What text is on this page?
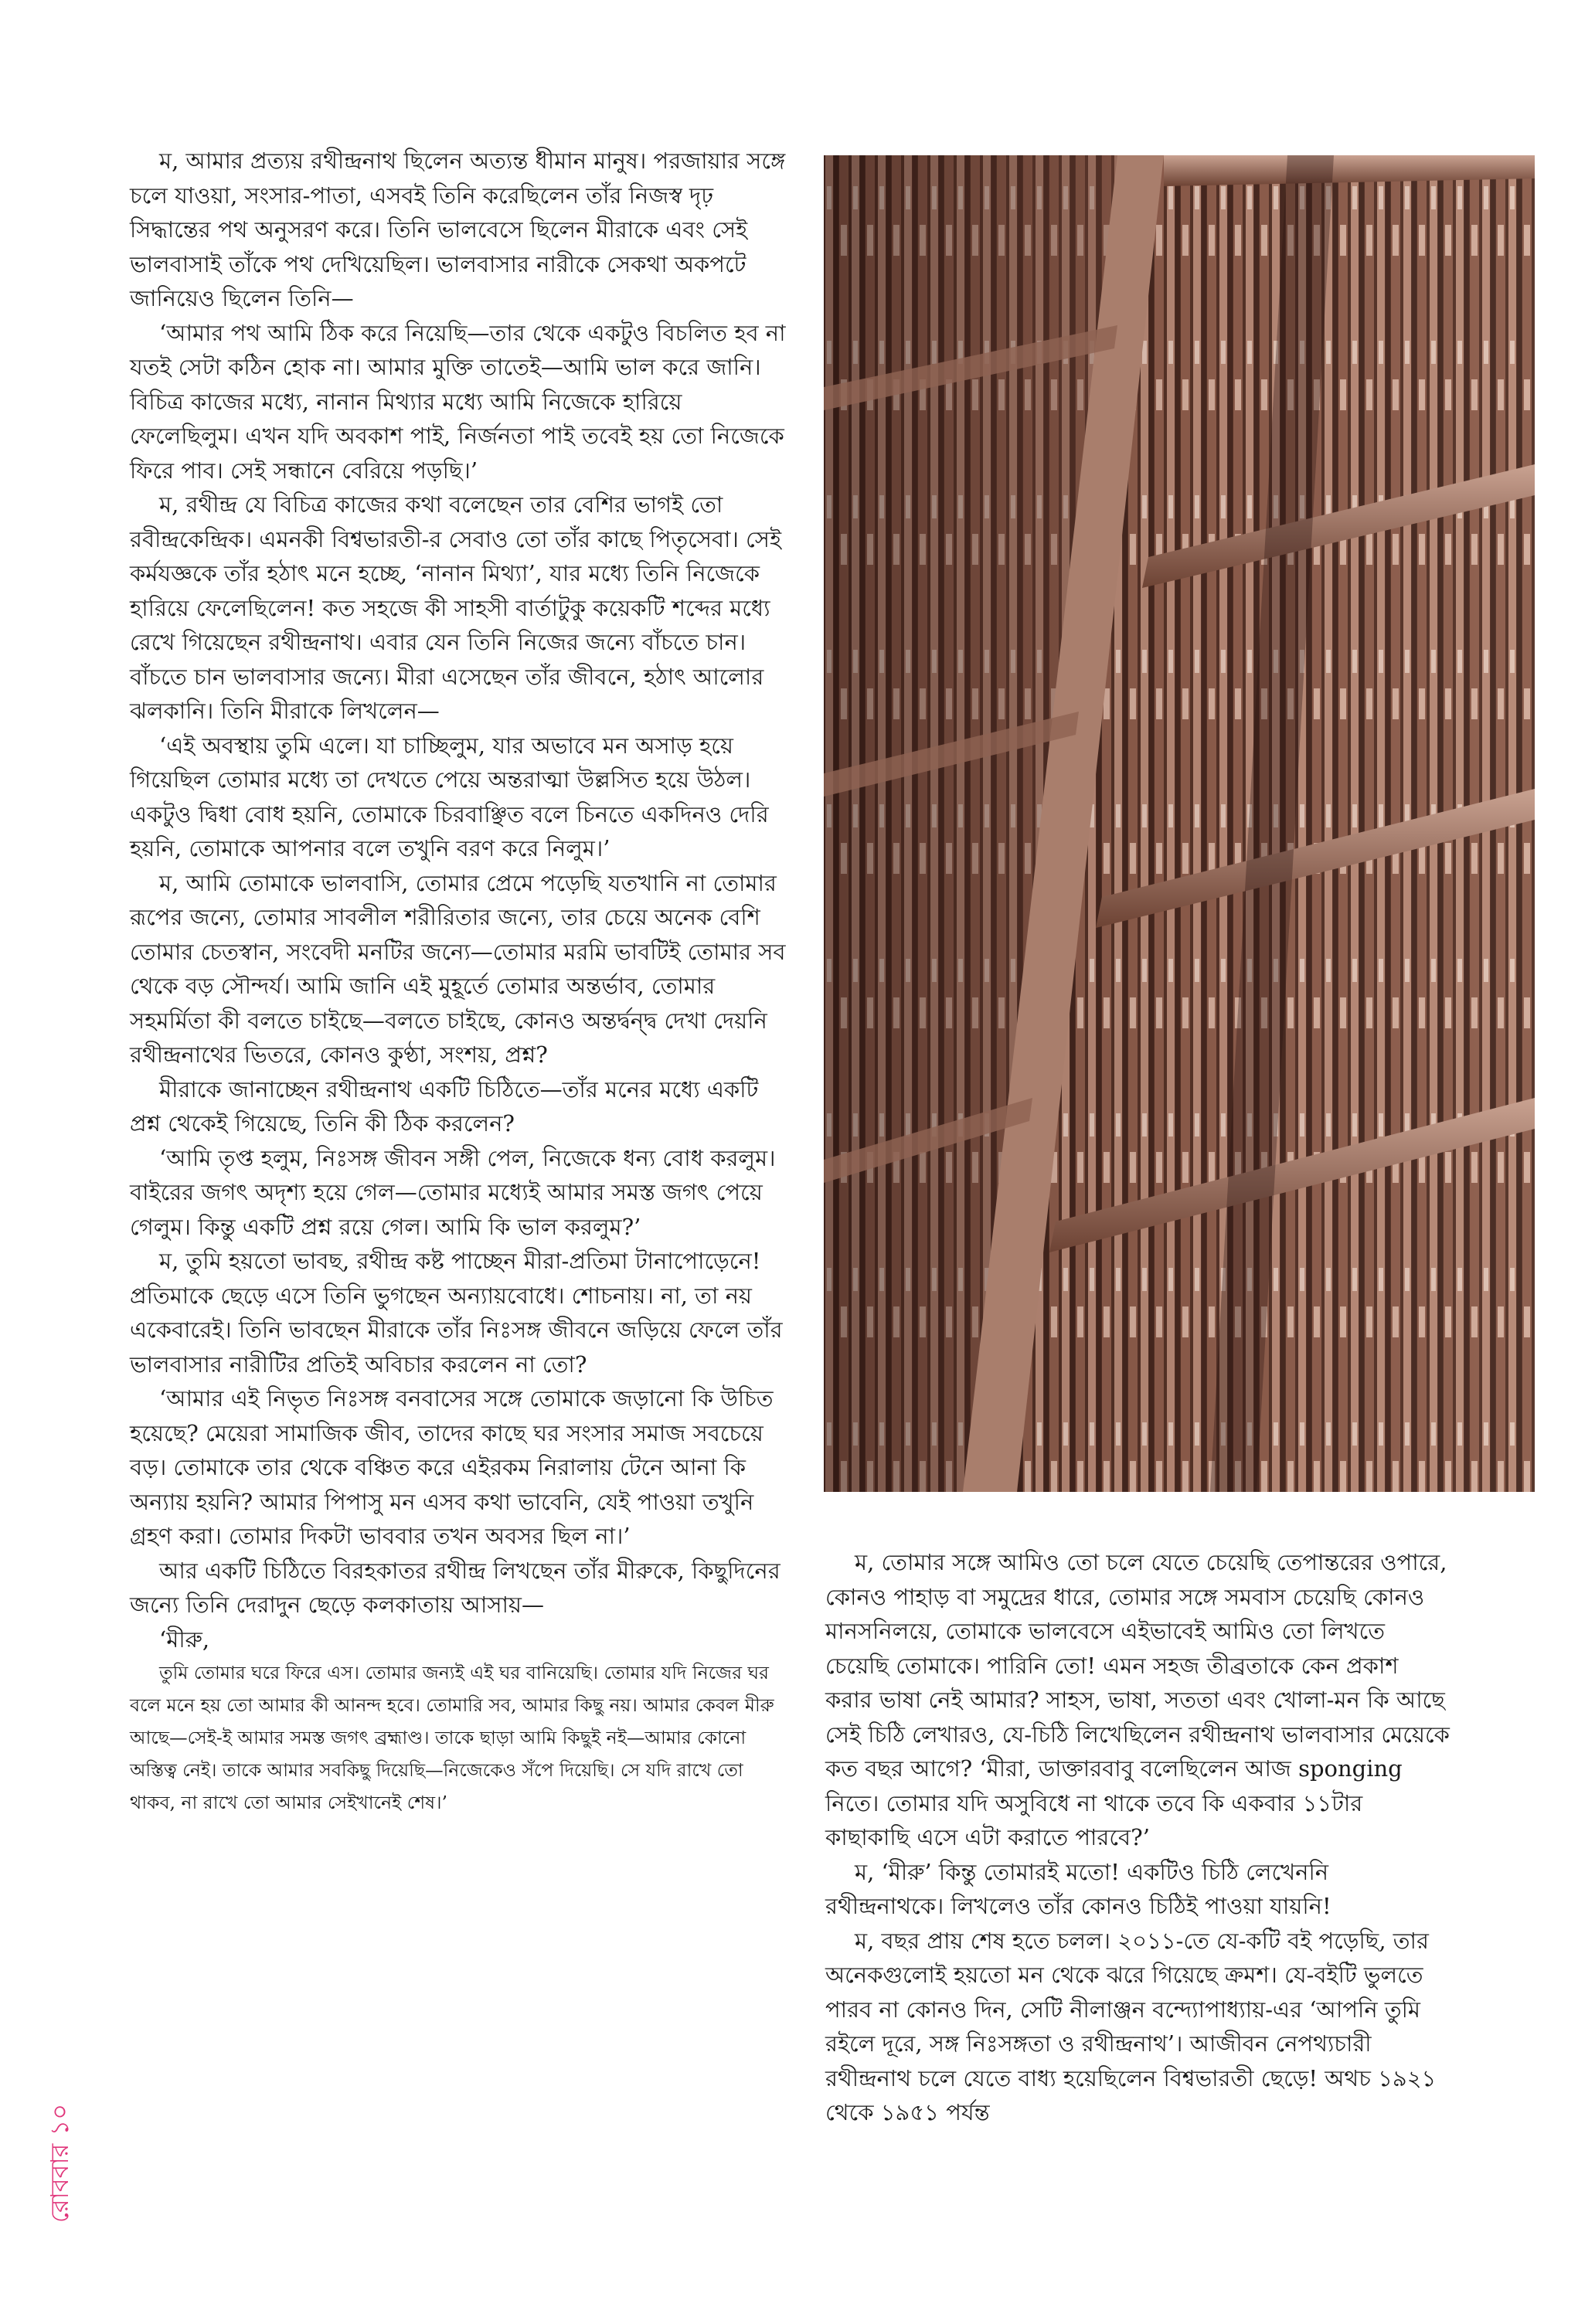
ম, আমার প্রত্যয় রথীন্দ্রনাথ ছিলেন অত্যন্ত ধীমান মানুষ। পরজায়ার সঙ্গে চলে যাওয়া, সংসার-পাতা, এসবই তিনি করেছিলেন তাঁর নিজস্ব দৃঢ় সিদ্ধান্তের পথ অনুসরণ করে। তিনি ভালবেসে ছিলেন মীরাকে এবং সেই ভালবাসাই তাঁকে পথ দেখিয়েছিল। ভালবাসার নারীকে সেকথা অকপটে জানিয়েও ছিলেন তিনি—

‘আমার পথ আমি ঠিক করে নিয়েছি—তার থেকে একটুও বিচলিত হব না যতই সেটা কঠিন হোক না। আমার মুক্তি তাতেই—আমি ভাল করে জানি। বিচিত্র কাজের মধ্যে, নানান মিথ্যার মধ্যে আমি নিজেকে হারিয়ে ফেলেছিলুম। এখন যদি অবকাশ পাই, নির্জনতা পাই তবেই হয় তো নিজেকে ফিরে পাব। সেই সন্ধানে বেরিয়ে পড়ছি।’

ম, রথীন্দ্র যে বিচিত্র কাজের কথা বলেছেন তার বেশির ভাগই তো রবীন্দ্রকেন্দ্রিক। এমনকী বিশ্বভারতী-র সেবাও তো তাঁর কাছে পিতৃসেবা। সেই কর্মযজ্ঞকে তাঁর হঠাৎ মনে হচ্ছে, ‘নানান মিথ্যা’, যার মধ্যে তিনি নিজেকে হারিয়ে ফেলেছিলেন! কত সহজে কী সাহসী বার্তাটুকু কয়েকটি শব্দের মধ্যে রেখে গিয়েছেন রথীন্দ্রনাথ। এবার যেন তিনি নিজের জন্যে বাঁচতে চান। বাঁচতে চান ভালবাসার জন্যে। মীরা এসেছেন তাঁর জীবনে, হঠাৎ আলোর ঝলকানি। তিনি মীরাকে লিখলেন—

‘এই অবস্থায় তুমি এলে। যা চাচ্ছিলুম, যার অভাবে মন অসাড় হয়ে গিয়েছিল তোমার মধ্যে তা দেখতে পেয়ে অন্তরাত্মা উল্লসিত হয়ে উঠল। একটুও দ্বিধা বোধ হয়নি, তোমাকে চিরবাঞ্ছিত বলে চিনতে একদিনও দেরি হয়নি, তোমাকে আপনার বলে তখুনি বরণ করে নিলুম।’

ম, আমি তোমাকে ভালবাসি, তোমার প্রেমে পড়েছি যতখানি না তোমার রূপের জন্যে, তোমার সাবলীল শরীরিতার জন্যে, তার চেয়ে অনেক বেশি তোমার চেতস্বান, সংবেদী মনটির জন্যে—তোমার মরমি ভাবটিই তোমার সব থেকে বড় সৌন্দর্য। আমি জানি এই মুহূর্তে তোমার অন্তর্ভাব, তোমার সহমর্মিতা কী বলতে চাইছে—বলতে চাইছে, কোনও অন্তর্দ্বন্দ্ব দেখা দেয়নি রথীন্দ্রনাথের ভিতরে, কোনও কুণ্ঠা, সংশয়, প্রশ্ন?

মীরাকে জানাচ্ছেন রথীন্দ্রনাথ একটি চিঠিতে—তাঁর মনের মধ্যে একটি প্রশ্ন থেকেই গিয়েছে, তিনি কী ঠিক করলেন?

‘আমি তৃপ্ত হলুম, নিঃসঙ্গ জীবন সঙ্গী পেল, নিজেকে ধন্য বোধ করলুম। বাইরের জগৎ অদৃশ্য হয়ে গেল—তোমার মধ্যেই আমার সমস্ত জগৎ পেয়ে গেলুম। কিন্তু একটি প্রশ্ন রয়ে গেল। আমি কি ভাল করলুম?’

ম, তুমি হয়তো ভাবছ, রথীন্দ্র কষ্ট পাচ্ছেন মীরা-প্রতিমা টানাপোড়েনে! প্রতিমাকে ছেড়ে এসে তিনি ভুগছেন অন্যায়বোধে। শোচনায়। না, তা নয় একেবারেই। তিনি ভাবছেন মীরাকে তাঁর নিঃসঙ্গ জীবনে জড়িয়ে ফেলে তাঁর ভালবাসার নারীটির প্রতিই অবিচার করলেন না তো?

‘আমার এই নিভৃত নিঃসঙ্গ বনবাসের সঙ্গে তোমাকে জড়ানো কি উচিত হয়েছে? মেয়েরা সামাজিক জীব, তাদের কাছে ঘর সংসার সমাজ সবচেয়ে বড়। তোমাকে তার থেকে বঞ্চিত করে এইরকম নিরালায় টেনে আনা কি অন্যায় হয়নি? আমার পিপাসু মন এসব কথা ভাবেনি, যেই পাওয়া তখুনি গ্রহণ করা। তোমার দিকটা ভাববার তখন অবসর ছিল না।’

আর একটি চিঠিতে বিরহকাতর রথীন্দ্র লিখছেন তাঁর মীরুকে, কিছুদিনের জন্যে তিনি দেরাদুন ছেড়ে কলকাতায় আসায়—

‘মীরু,

তুমি তোমার ঘরে ফিরে এস। তোমার জন্যই এই ঘর বানিয়েছি। তোমার যদি নিজের ঘর বলে মনে হয় তো আমার কী আনন্দ হবে। তোমারি সব, আমার কিছু নয়। আমার কেবল মীরু আছে—সেই-ই আমার সমস্ত জগৎ ব্রহ্মাণ্ড। তাকে ছাড়া আমি কিছুই নই—আমার কোনো অস্তিত্ব নেই। তাকে আমার সবকিছু দিয়েছি—নিজেকেও সঁপে দিয়েছি। সে যদি রাখে তো থাকব, না রাখে তো আমার সেইখানেই শেষ।’

ম, তোমার সঙ্গে আমিও তো চলে যেতে চেয়েছি তেপান্তরের ওপারে, কোনও পাহাড় বা সমুদ্রের ধারে, তোমার সঙ্গে সমবাস চেয়েছি কোনও মানসনিলয়ে, তোমাকে ভালবেসে এইভাবেই আমিও তো লিখতে চেয়েছি তোমাকে। পারিনি তো! এমন সহজ তীব্রতাকে কেন প্রকাশ করার ভাষা নেই আমার? সাহস, ভাষা, সততা এবং খোলা-মন কি আছে সেই চিঠি লেখারও, যে-চিঠি লিখেছিলেন রথীন্দ্রনাথ ভালবাসার মেয়েকে কত বছর আগে? ‘মীরা, ডাক্তারবাবু বলেছিলেন আজ sponging নিতে। তোমার যদি অসুবিধে না থাকে তবে কি একবার ১১টার কাছাকাছি এসে এটা করাতে পারবে?’

ম, ‘মীরু’ কিন্তু তোমারই মতো! একটিও চিঠি লেখেননি রথীন্দ্রনাথকে। লিখলেও তাঁর কোনও চিঠিই পাওয়া যায়নি!

ম, বছর প্রায় শেষ হতে চলল। ২০১১-তে যে-কটি বই পড়েছি, তার অনেকগুলোই হয়তো মন থেকে ঝরে গিয়েছে ক্রমশ। যে-বইটি ভুলতে পারব না কোনও দিন, সেটি নীলাঞ্জন বন্দ্যোপাধ্যায়-এর ‘আপনি তুমি রইলে দূরে, সঙ্গ নিঃসঙ্গতা ও রথীন্দ্রনাথ’। আজীবন নেপথ্যচারী রথীন্দ্রনাথ চলে যেতে বাধ্য হয়েছিলেন বিশ্বভারতী ছেড়ে! অথচ ১৯২১ থেকে ১৯৫১ পর্যন্ত

রোববার ১০
